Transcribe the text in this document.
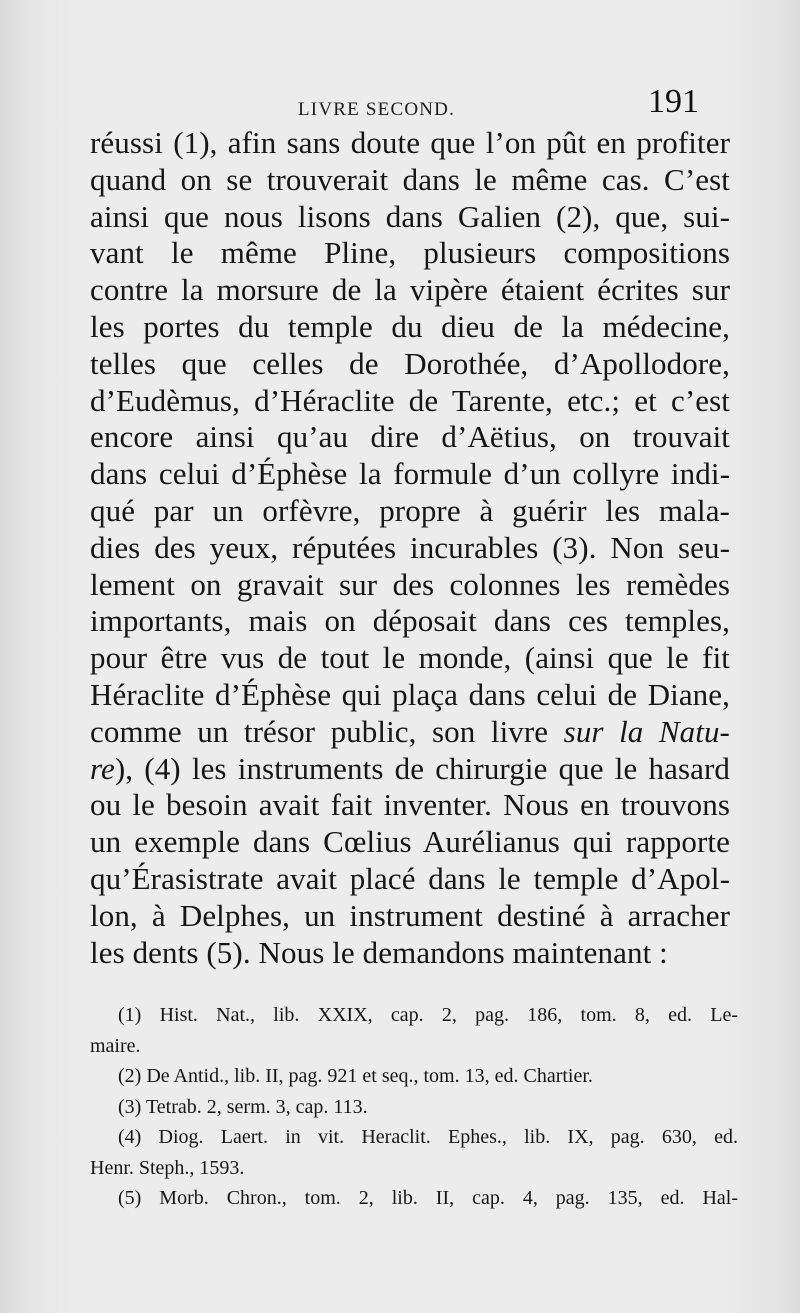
LIVRE SECOND.	191
réussi (1), afin sans doute que l’on pût en profiter
quand on se trouverait dans le même cas. C’est
ainsi que nous lisons dans Galien (2), que, sui-
vant le même Pline, plusieurs compositions
contre la morsure de la vipère étaient écrites sur
les portes du temple du dieu de la médecine,
telles que celles de Dorothée, d’Apollodore,
d’Eudèmus, d’Héraclite de Tarente, etc.; et c’est
encore ainsi qu’au dire d’Aëtius, on trouvait
dans celui d’Éphèse la formule d’un collyre indi-
qué par un orfèvre, propre à guérir les mala-
dies des yeux, réputées incurables (3). Non seu-
lement on gravait sur des colonnes les remèdes
importants, mais on déposait dans ces temples,
pour être vus de tout le monde, (ainsi que le fit
Héraclite d’Éphèse qui plaça dans celui de Diane,
comme un trésor public, son livre sur la Natu-
re), (4) les instruments de chirurgie que le hasard
ou le besoin avait fait inventer. Nous en trouvons
un exemple dans Cœlius Aurélianus qui rapporte
qu’Érasistrate avait placé dans le temple d’Apol-
lon, à Delphes, un instrument destiné à arracher
les dents (5). Nous le demandons maintenant :
(1) Hist. Nat., lib. XXIX, cap. 2, pag. 186, tom. 8, ed. Le-
maire.
(2) De Antid., lib. II, pag. 921 et seq., tom. 13, ed. Chartier.
(3) Tetrab. 2, serm. 3, cap. 113.
(4) Diog. Laert. in vit. Heraclit. Ephes., lib. IX, pag. 630, ed.
Henr. Steph., 1593.
(5) Morb. Chron., tom. 2, lib. II, cap. 4, pag. 135, ed. Hal-
